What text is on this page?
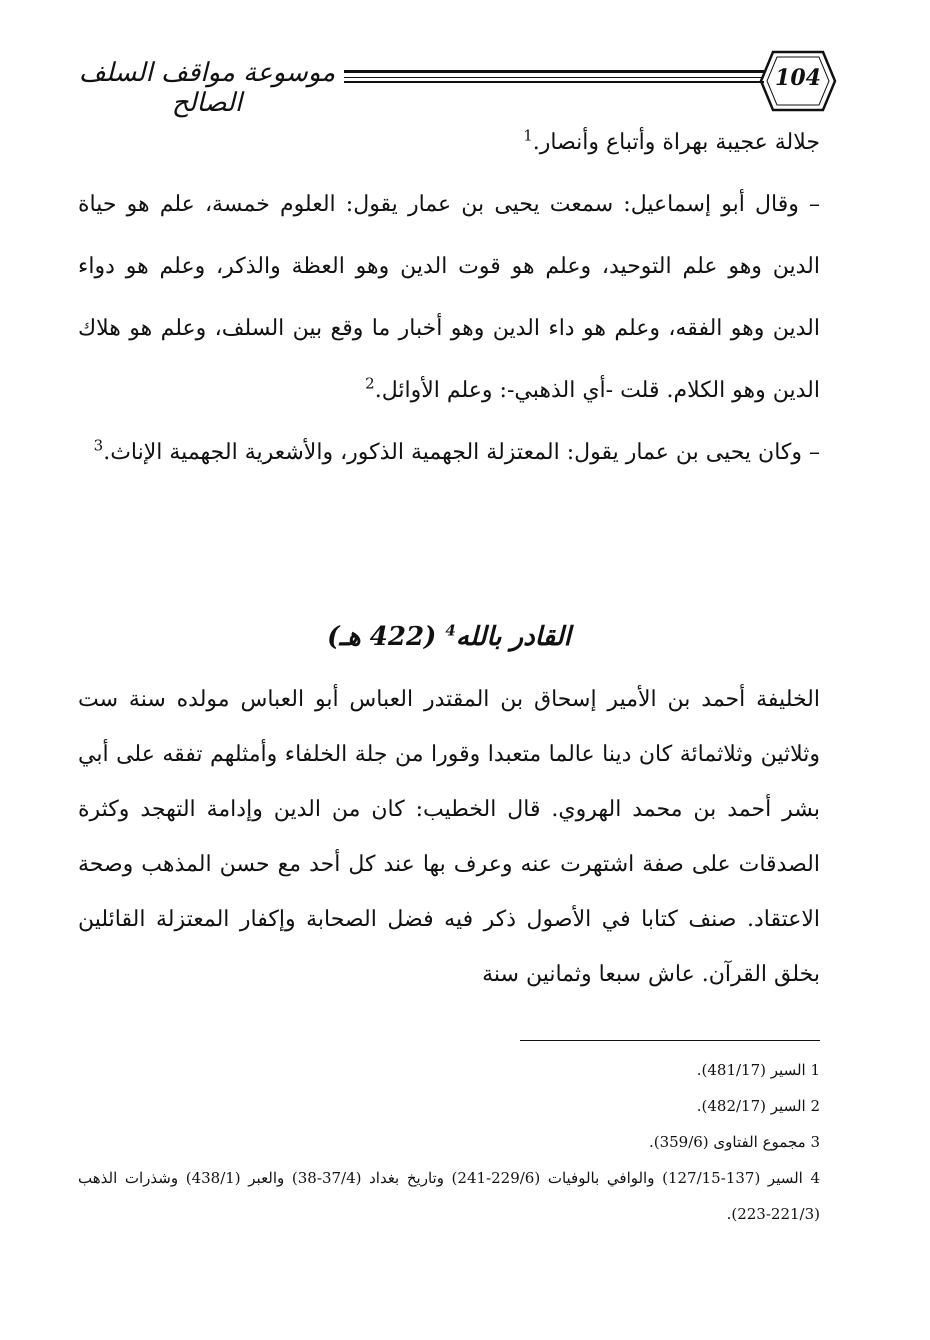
موسوعة مواقف السلف الصالح
104

جلالة عجيبة بهراة وأتباع وأنصار.$^1$

– وقال أبو إسماعيل: سمعت يحيى بن عمار يقول: العلوم خمسة، علم هو حياة الدين وهو علم التوحيد، وعلم هو قوت الدين وهو العظة والذكر، وعلم هو دواء الدين وهو الفقه، وعلم هو داء الدين وهو أخبار ما وقع بين السلف، وعلم هو هلاك الدين وهو الكلام. قلت -أي الذهبي-: وعلم الأوائل.$^2$

– وكان يحيى بن عمار يقول: المعتزلة الجهمية الذكور، والأشعرية الجهمية الإناث.$^3$

القادر بالله$^4$ (422 هـ)

الخليفة أحمد بن الأمير إسحاق بن المقتدر العباس أبو العباس مولده سنة ست وثلاثين وثلاثمائة كان دينا عالما متعبدا وقورا من جلة الخلفاء وأمثلهم تفقه على أبي بشر أحمد بن محمد الهروي. قال الخطيب: كان من الدين وإدامة التهجد وكثرة الصدقات على صفة اشتهرت عنه وعرف بها عند كل أحد مع حسن المذهب وصحة الاعتقاد. صنف كتابا في الأصول ذكر فيه فضل الصحابة وإكفار المعتزلة القائلين بخلق القرآن. عاش سبعا وثمانين سنة

1 السير (481/17).

2 السير (482/17).

3 مجموع الفتاوى (359/6).

4 السير (137-127/15) والوافي بالوفيات (229/6-241) وتاريخ بغداد (37/4-38) والعبر (438/1) وشذرات الذهب (221/3-223).
